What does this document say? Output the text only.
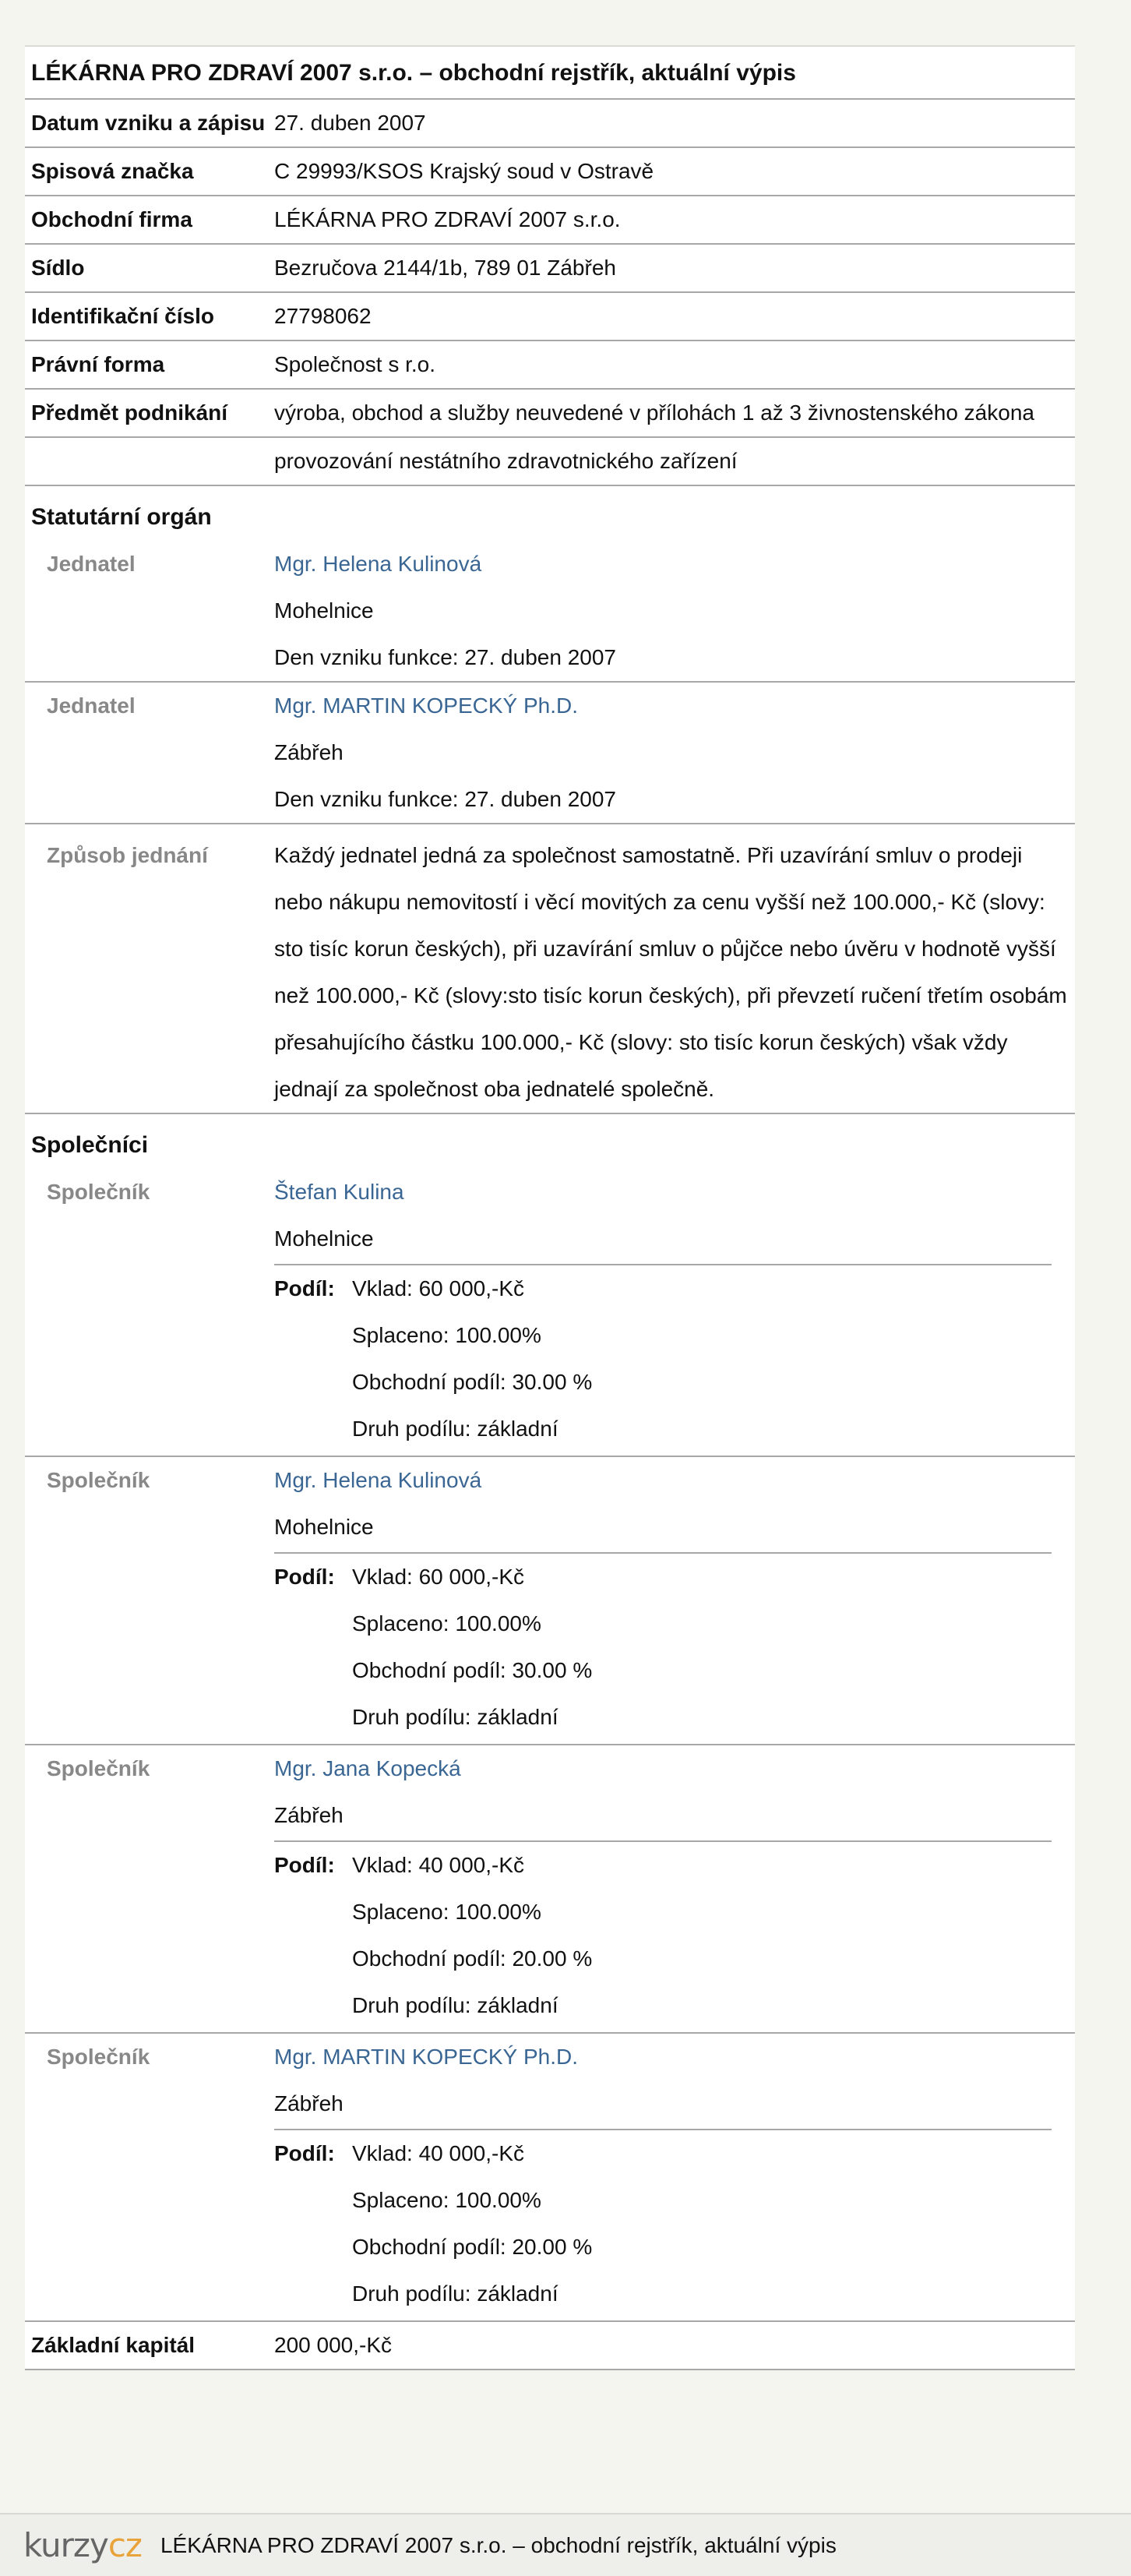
LÉKÁRNA PRO ZDRAVÍ 2007 s.r.o. – obchodní rejstřík, aktuální výpis
Datum vzniku a zápisu 27. duben 2007
Spisová značka	C 29993/KSOS Krajský soud v Ostravě
Obchodní firma	LÉKÁRNA PRO ZDRAVÍ 2007 s.r.o.
Sídlo	Bezručova 2144/1b, 789 01 Zábřeh
Identifikační číslo	27798062
Právní forma	Společnost s r.o.
Předmět podnikání	výroba, obchod a služby neuvedené v přílohách 1 až 3 živnostenského zákona
provozování nestátního zdravotnického zařízení
Statutární orgán
Jednatel	Mgr. Helena Kulinová
Mohelnice
Den vzniku funkce: 27. duben 2007
Jednatel	Mgr. MARTIN KOPECKÝ Ph.D.
Zábřeh
Den vzniku funkce: 27. duben 2007
Způsob jednání	Každý jednatel jedná za společnost samostatně. Při uzavírání smluv o prodeji nebo nákupu nemovitostí i věcí movitých za cenu vyšší než 100.000,- Kč (slovy: sto tisíc korun českých), při uzavírání smluv o půjčce nebo úvěru v hodnotě vyšší než 100.000,- Kč (slovy:sto tisíc korun českých), při převzetí ručení třetím osobám přesahujícího částku 100.000,- Kč (slovy: sto tisíc korun českých) však vždy jednají za společnost oba jednatelé společně.
Společníci
Společník	Štefan Kulina
Mohelnice
Podíl:	Vklad: 60 000,-Kč
Splaceno: 100.00%
Obchodní podíl: 30.00 %
Druh podílu: základní
Společník	Mgr. Helena Kulinová
Mohelnice
Podíl:	Vklad: 60 000,-Kč
Splaceno: 100.00%
Obchodní podíl: 30.00 %
Druh podílu: základní
Společník	Mgr. Jana Kopecká
Zábřeh
Podíl:	Vklad: 40 000,-Kč
Splaceno: 100.00%
Obchodní podíl: 20.00 %
Druh podílu: základní
Společník	Mgr. MARTIN KOPECKÝ Ph.D.
Zábřeh
Podíl:	Vklad: 40 000,-Kč
Splaceno: 100.00%
Obchodní podíl: 20.00 %
Druh podílu: základní
Základní kapitál	200 000,-Kč
kurzycz LÉKÁRNA PRO ZDRAVÍ 2007 s.r.o. – obchodní rejstřík, aktuální výpis
